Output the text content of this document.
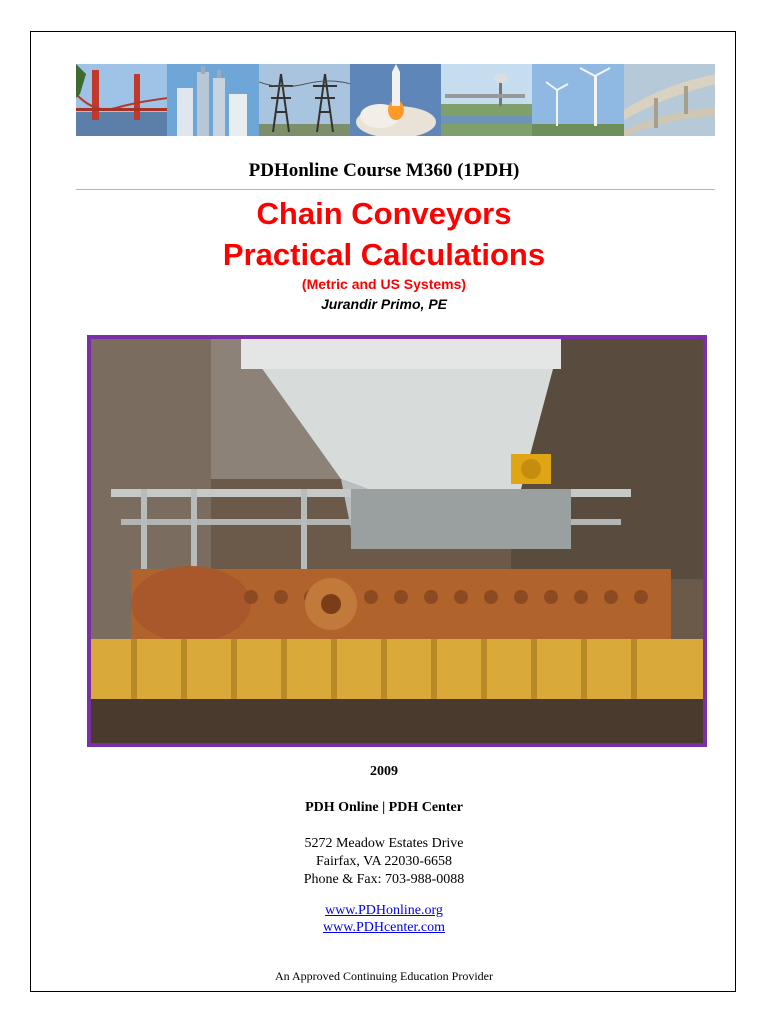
PDHonline Course M360 (1PDH)
Chain Conveyors
Practical Calculations
(Metric and US Systems)
Jurandir Primo, PE
2009
PDH Online | PDH Center
5272 Meadow Estates Drive
Fairfax, VA 22030-6658
Phone & Fax: 703-988-0088
www.PDHonline.org
www.PDHcenter.com
An Approved Continuing Education Provider
